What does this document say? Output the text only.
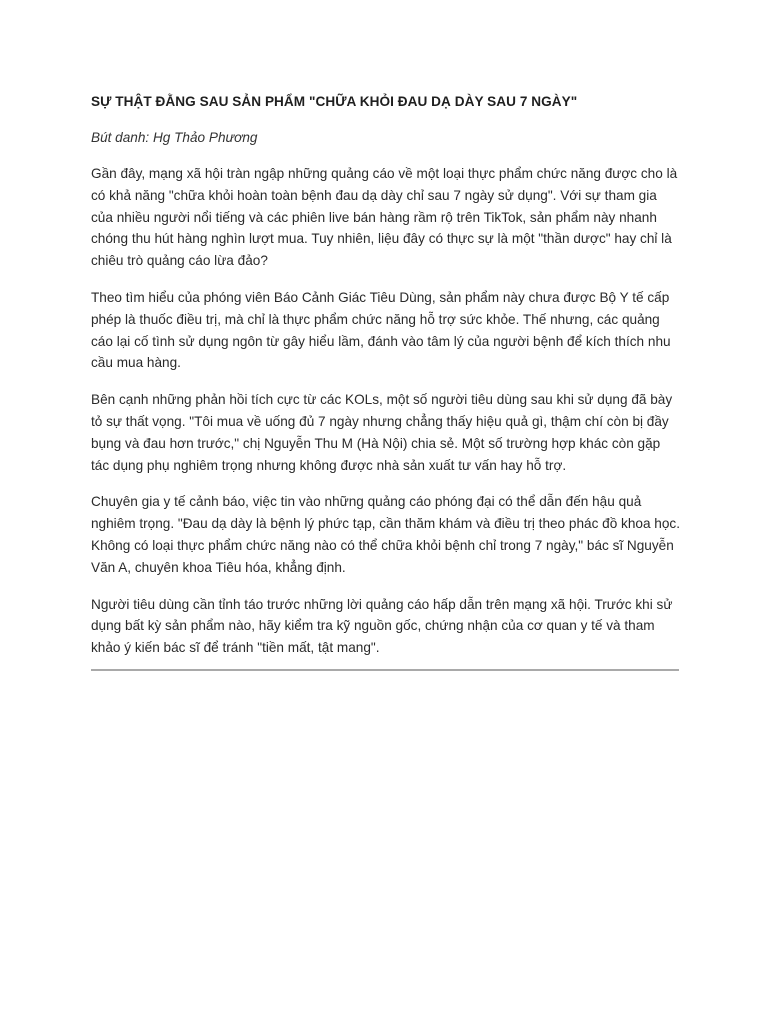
SỰ THẬT ĐẰNG SAU SẢN PHẨM "CHỮA KHỎI ĐAU DẠ DÀY SAU 7 NGÀY"

Bút danh: Hg Thảo Phương

Gần đây, mạng xã hội tràn ngập những quảng cáo về một loại thực phẩm chức năng được cho là có khả năng "chữa khỏi hoàn toàn bệnh đau dạ dày chỉ sau 7 ngày sử dụng". Với sự tham gia của nhiều người nổi tiếng và các phiên live bán hàng rầm rộ trên TikTok, sản phẩm này nhanh chóng thu hút hàng nghìn lượt mua. Tuy nhiên, liệu đây có thực sự là một "thần dược" hay chỉ là chiêu trò quảng cáo lừa đảo?

Theo tìm hiểu của phóng viên Báo Cảnh Giác Tiêu Dùng, sản phẩm này chưa được Bộ Y tế cấp phép là thuốc điều trị, mà chỉ là thực phẩm chức năng hỗ trợ sức khỏe. Thế nhưng, các quảng cáo lại cố tình sử dụng ngôn từ gây hiểu lầm, đánh vào tâm lý của người bệnh để kích thích nhu cầu mua hàng.

Bên cạnh những phản hồi tích cực từ các KOLs, một số người tiêu dùng sau khi sử dụng đã bày tỏ sự thất vọng. "Tôi mua về uống đủ 7 ngày nhưng chẳng thấy hiệu quả gì, thậm chí còn bị đầy bụng và đau hơn trước," chị Nguyễn Thu M (Hà Nội) chia sẻ. Một số trường hợp khác còn gặp tác dụng phụ nghiêm trọng nhưng không được nhà sản xuất tư vấn hay hỗ trợ.

Chuyên gia y tế cảnh báo, việc tin vào những quảng cáo phóng đại có thể dẫn đến hậu quả nghiêm trọng. "Đau dạ dày là bệnh lý phức tạp, cần thăm khám và điều trị theo phác đồ khoa học. Không có loại thực phẩm chức năng nào có thể chữa khỏi bệnh chỉ trong 7 ngày," bác sĩ Nguyễn Văn A, chuyên khoa Tiêu hóa, khẳng định.

Người tiêu dùng cần tỉnh táo trước những lời quảng cáo hấp dẫn trên mạng xã hội. Trước khi sử dụng bất kỳ sản phẩm nào, hãy kiểm tra kỹ nguồn gốc, chứng nhận của cơ quan y tế và tham khảo ý kiến bác sĩ để tránh "tiền mất, tật mang".
